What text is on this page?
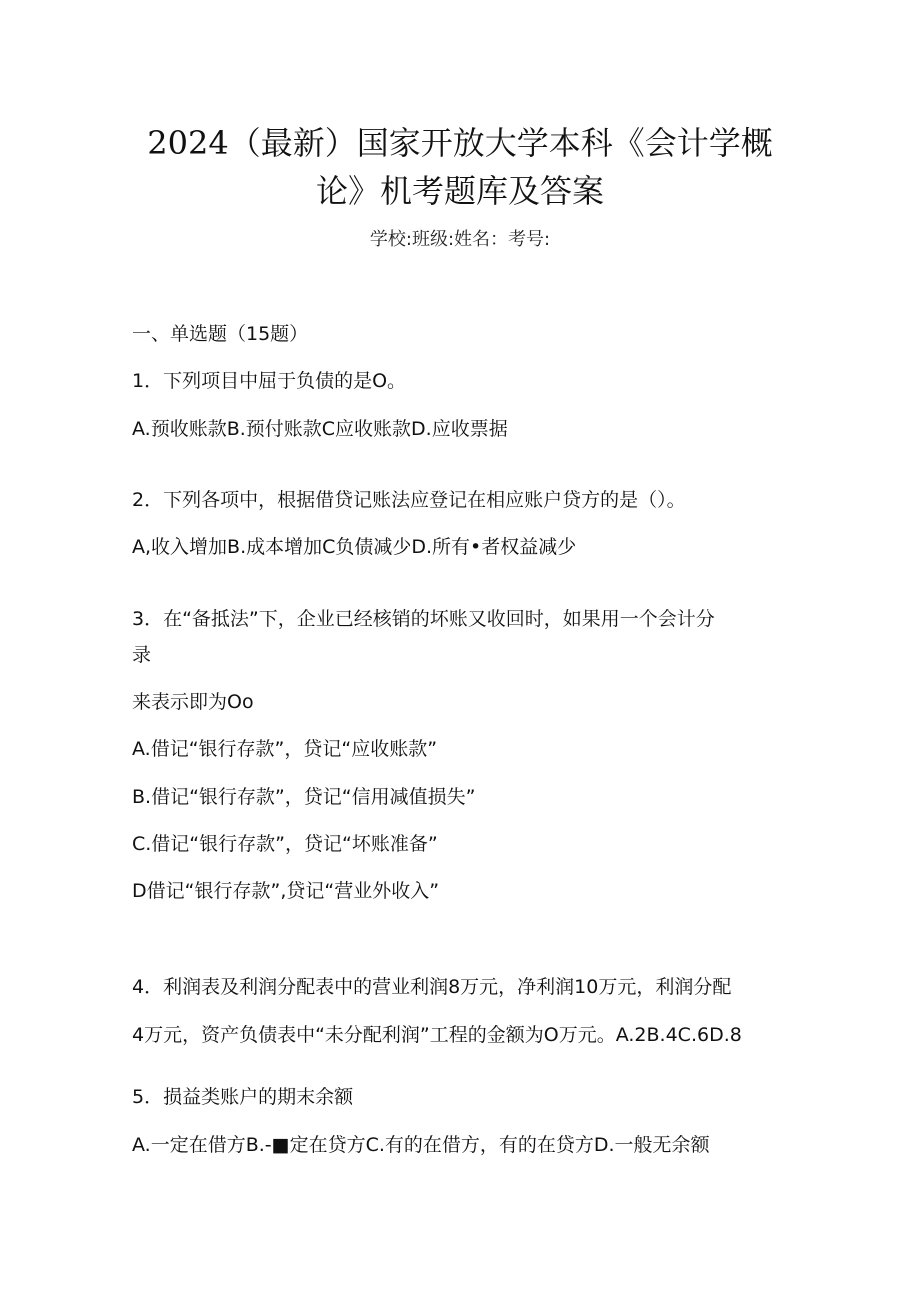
2024（最新）国家开放大学本科《会计学概
论》机考题库及答案
学校:班级:姓名：考号:
一、单选题（15题）
1．下列项目中屈于负债的是O。
A.预收账款B.预付账款C应收账款D.应收票据
2．下列各项中，根据借贷记账法应登记在相应账户贷方的是（）。
A,收入增加B.成本增加C负债减少D.所有•者权益减少
3．在“备抵法”下，企业已经核销的坏账又收回时，如果用一个会计分
录
来表示即为Oo
A.借记“银行存款”，贷记“应收账款”
B.借记“银行存款”，贷记“信用减值损失”
C.借记“银行存款”，贷记“坏账准备”
D借记“银行存款”,贷记“营业外收入”
4．利润表及利润分配表中的营业利润8万元，净利润10万元，利润分配
4万元，资产负债表中“未分配利润”工程的金额为O万元。A.2B.4C.6D.8
5．损益类账户的期末余额
A.一定在借方B.-■定在贷方C.有的在借方，有的在贷方D.一般无余额
